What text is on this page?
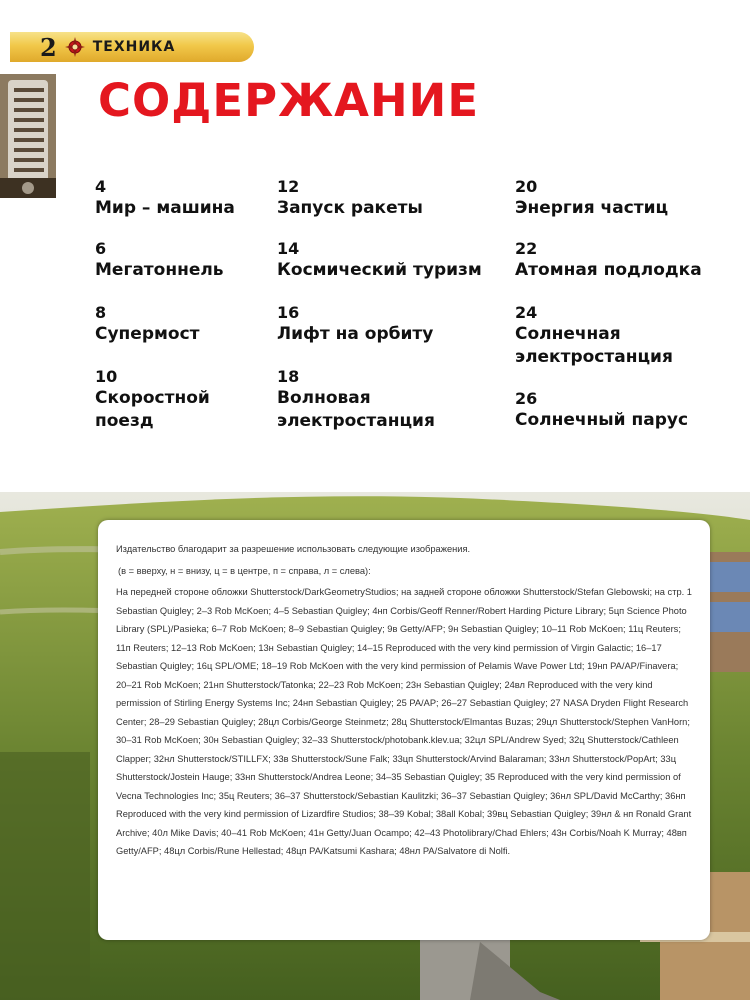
2	ТЕХНИКА
СОДЕРЖАНИЕ
4
Мир – машина
6
Мегатоннель
8
Супермост
10
Скоростной
поезд
12
Запуск ракеты
14
Космический туризм
16
Лифт на орбиту
18
Волновая
электростанция
20
Энергия частиц
22
Атомная подлодка
24
Солнечная
электростанция
26
Солнечный парус

Издательство благодарит за разрешение использовать следующие изображения.

(в = вверху, н = внизу, ц = в центре, п = справа, л = слева):

На передней стороне обложки Shutterstock/DarkGeometryStudios; на задней стороне обложки Shutterstock/Stefan Glebowski; на стр. 1 Sebastian Quigley; 2–3 Rob McKoen; 4–5 Sebastian Quigley; 4нп Corbis/Geoff Renner/Robert Harding Picture Library; 5цп Science Photo Library (SPL)/Pasieka; 6–7 Rob McKoen; 8–9 Sebastian Quigley; 9в Getty/AFP; 9н Sebastian Quigley; 10–11 Rob McKoen; 11ц Reuters; 11п Reuters; 12–13 Rob McKoen; 13н Sebastian Quigley; 14–15 Reproduced with the very kind permission of Virgin Galactic; 16–17 Sebastian Quigley; 16ц SPL/OME; 18–19 Rob McKoen with the very kind permission of Pelamis Wave Power Ltd; 19нп PA/AP/Finavera; 20–21 Rob McKoen; 21нп Shutterstock/Tatonka; 22–23 Rob McKoen; 23н Sebastian Quigley; 24вл Reproduced with the very kind permission of Stirling Energy Systems Inc; 24нп Sebastian Quigley; 25 PA/AP; 26–27 Sebastian Quigley; 27 NASA Dryden Flight Research Center; 28–29 Sebastian Quigley; 28цл Corbis/George Steinmetz; 28ц Shutterstock/Elmantas Buzas; 29цл Shutterstock/Stephen VanHorn; 30–31 Rob McKoen; 30н Sebastian Quigley; 32–33 Shutterstock/photobank.klev.ua; 32цл SPL/Andrew Syed; 32ц Shutterstock/Cathleen Clapper; 32нл Shutterstock/STILLFX; 33в Shutterstock/Sune Falk; 33цп Shutterstock/Arvind Balaraman; 33нл Shutterstock/PopArt; 33ц Shutterstock/Jostein Hauge; 33нп Shutterstock/Andrea Leone; 34–35 Sebastian Quigley; 35 Reproduced with the very kind permission of Vecna Technologies Inc; 35ц Reuters; 36–37 Shutterstock/Sebastian Kaulitzki; 36–37 Sebastian Quigley; 36нл SPL/David McCarthy; 36нп Reproduced with the very kind permission of Lizardfire Studios; 38–39 Kobal; 38all Kobal; 39вц Sebastian Quigley; 39нл & нп Ronald Grant Archive; 40л Mike Davis; 40–41 Rob McKoen; 41н Getty/Juan Ocampo; 42–43 Photolibrary/Chad Ehlers; 43н Corbis/Noah K Murray; 48вп Getty/AFP; 48цл Corbis/Rune Hellestad; 48цп PA/Katsumi Kashara; 48нл PA/Salvatore di Nolfi.
